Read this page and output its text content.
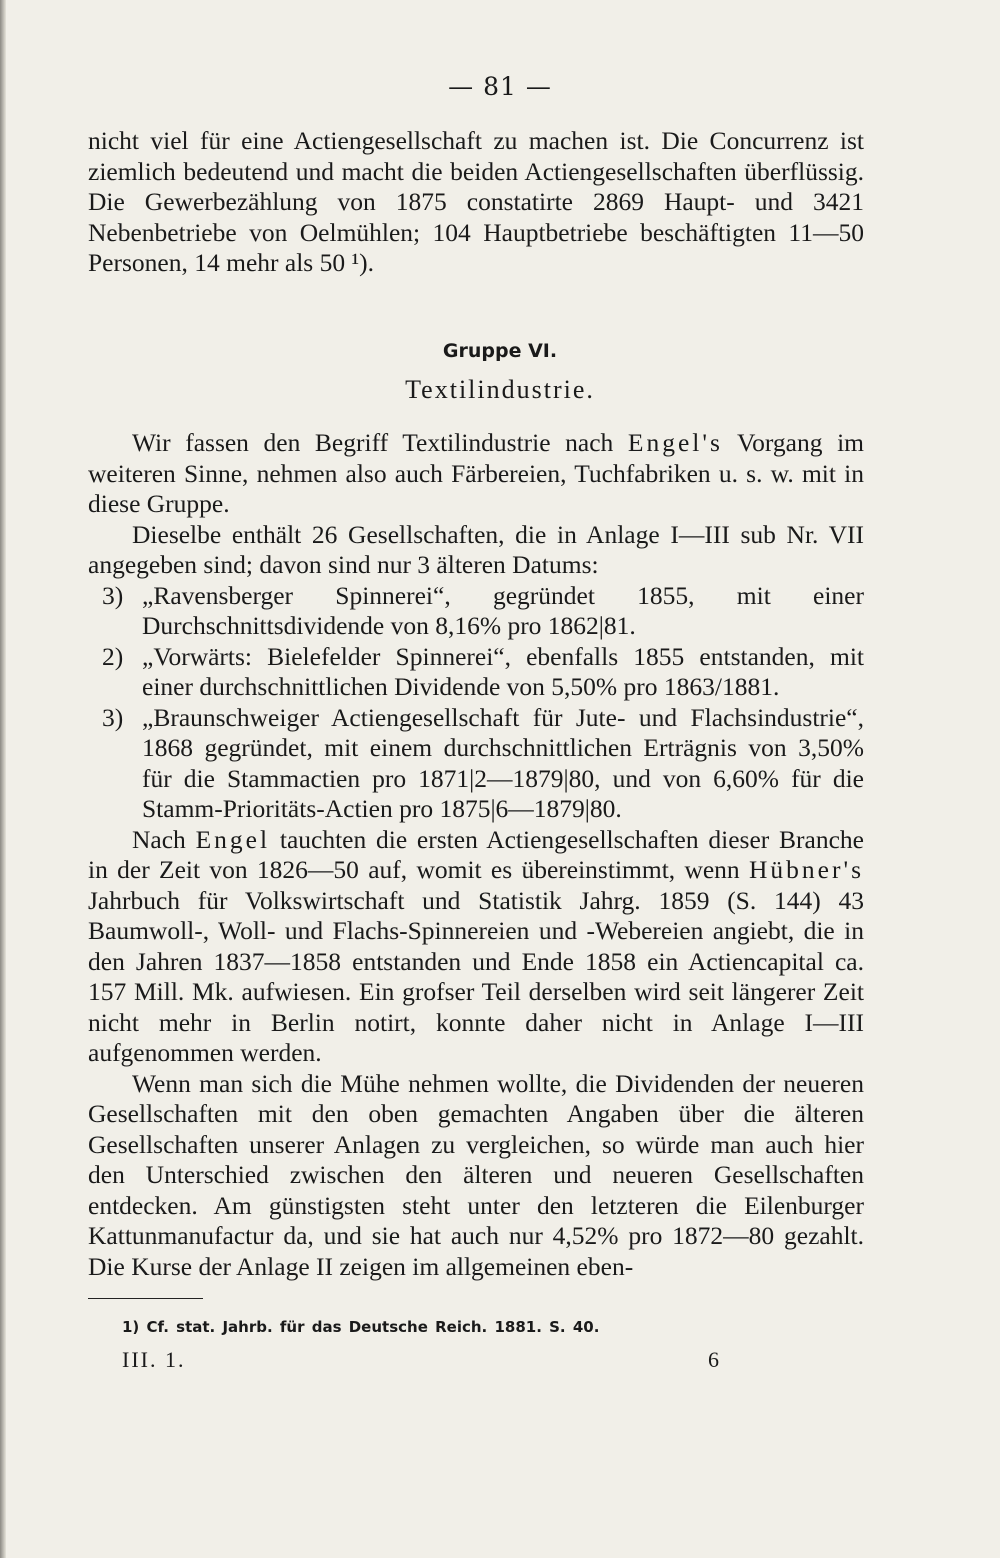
— 81 —

nicht viel für eine Actiengesellschaft zu machen ist. Die Concurrenz ist ziemlich bedeutend und macht die beiden Actiengesellschaften überflüssig. Die Gewerbezählung von 1875 constatirte 2869 Haupt- und 3421 Nebenbetriebe von Oelmühlen; 104 Hauptbetriebe beschäftigten 11—50 Personen, 14 mehr als 50 ¹).

Gruppe VI.
Textilindustrie.

Wir fassen den Begriff Textilindustrie nach Engel's Vorgang im weiteren Sinne, nehmen also auch Färbereien, Tuchfabriken u. s. w. mit in diese Gruppe.

Dieselbe enthält 26 Gesellschaften, die in Anlage I—III sub Nr. VII angegeben sind; davon sind nur 3 älteren Datums:

3) „Ravensberger Spinnerei“, gegründet 1855, mit einer Durchschnittsdividende von 8,16% pro 1862|81.
2) „Vorwärts: Bielefelder Spinnerei“, ebenfalls 1855 entstanden, mit einer durchschnittlichen Dividende von 5,50% pro 1863/1881.
3) „Braunschweiger Actiengesellschaft für Jute- und Flachsindustrie“, 1868 gegründet, mit einem durchschnittlichen Erträgnis von 3,50% für die Stammactien pro 1871|2—1879|80, und von 6,60% für die Stamm-Prioritäts-Actien pro 1875|6—1879|80.

Nach Engel tauchten die ersten Actiengesellschaften dieser Branche in der Zeit von 1826—50 auf, womit es übereinstimmt, wenn Hübner's Jahrbuch für Volkswirtschaft und Statistik Jahrg. 1859 (S. 144) 43 Baumwoll-, Woll- und Flachs-Spinnereien und -Webereien angiebt, die in den Jahren 1837—1858 entstanden und Ende 1858 ein Actiencapital ca. 157 Mill. Mk. aufwiesen. Ein grofser Teil derselben wird seit längerer Zeit nicht mehr in Berlin notirt, konnte daher nicht in Anlage I—III aufgenommen werden.

Wenn man sich die Mühe nehmen wollte, die Dividenden der neueren Gesellschaften mit den oben gemachten Angaben über die älteren Gesellschaften unserer Anlagen zu vergleichen, so würde man auch hier den Unterschied zwischen den älteren und neueren Gesellschaften entdecken. Am günstigsten steht unter den letzteren die Eilenburger Kattunmanufactur da, und sie hat auch nur 4,52% pro 1872—80 gezahlt. Die Kurse der Anlage II zeigen im allgemeinen eben-

1) Cf. stat. Jahrb. für das Deutsche Reich. 1881. S. 40.
III. 1.	6
